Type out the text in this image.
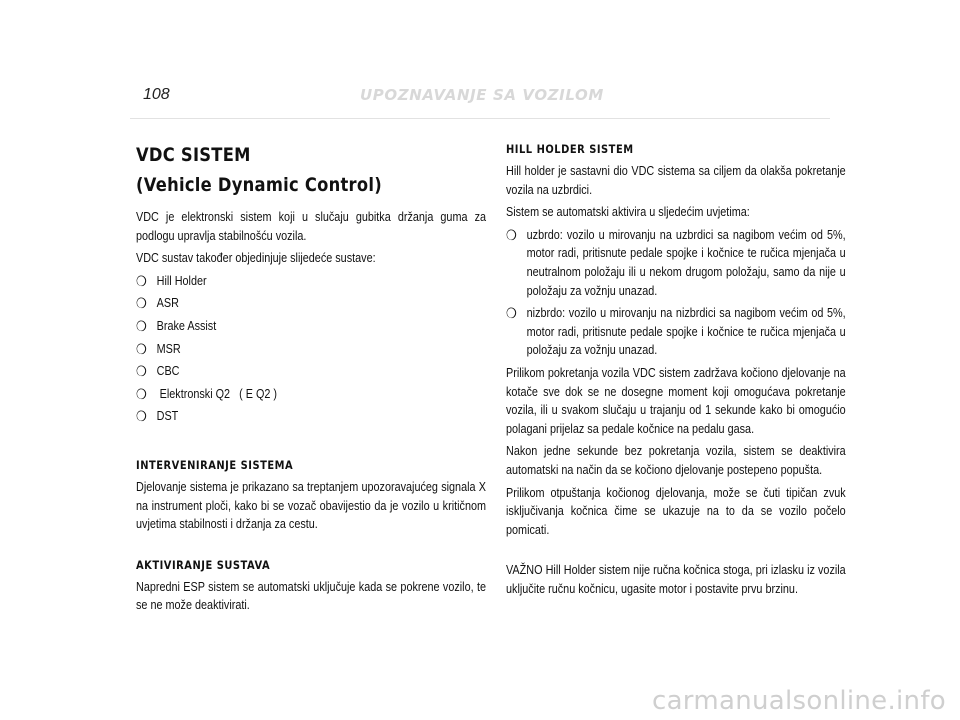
108	UPOZNAVANJE SA VOZILOM
VDC SISTEM
(Vehicle Dynamic Control)

VDC je elektronski sistem koji u slučaju gubitka držanja guma za podlogu upravlja stabilnošću vozila.

VDC sustav također objedinjuje slijedeće sustave:

❍ Hill Holder
❍ ASR
❍ Brake Assist
❍ MSR
❍ CBC
❍ Elektronski Q2   ( E Q2 )
❍ DST
INTERVENIRANJE SISTEMA

Djelovanje sistema je prikazano sa treptanjem upozoravajućeg signala X na instrument ploči, kako bi se vozač obavijestio da je vozilo u kritičnom uvjetima stabilnosti i držanja za cestu.

AKTIVIRANJE SUSTAVA

Napredni ESP sistem se automatski uključuje kada se pokrene vozilo, te se ne može deaktivirati.

HILL HOLDER SISTEM

Hill holder je sastavni dio VDC sistema sa ciljem da olakša pokretanje vozila na uzbrdici.

Sistem se automatski aktivira u sljedećim uvjetima:

❍ uzbrdo: vozilo u mirovanju na uzbrdici sa nagibom većim od 5%, motor radi, pritisnute pedale spojke i kočnice te ručica mjenjača u neutralnom položaju ili u nekom drugom položaju, samo da nije u položaju za vožnju unazad.
❍ nizbrdo: vozilo u mirovanju na nizbrdici sa nagibom većim od 5%, motor radi, pritisnute pedale spojke i kočnice te ručica mjenjača u položaju za vožnju unazad.

Prilikom pokretanja vozila VDC sistem zadržava kočiono djelovanje na kotače sve dok se ne dosegne moment koji omogućava pokretanje vozila, ili u svakom slučaju u trajanju od 1 sekunde kako bi omogućio polagani prijelaz sa pedale kočnice na pedalu gasa.

Nakon jedne sekunde bez pokretanja vozila, sistem se deaktivira automatski na način da se kočiono djelovanje postepeno popušta.

Prilikom otpuštanja kočionog djelovanja, može se čuti tipičan zvuk isključivanja kočnica čime se ukazuje na to da se vozilo počelo pomicati.

VAŽNO Hill Holder sistem nije ručna kočnica stoga, pri izlasku iz vozila uključite ručnu kočnicu, ugasite motor i postavite prvu brzinu.

carmanualsonline.info
